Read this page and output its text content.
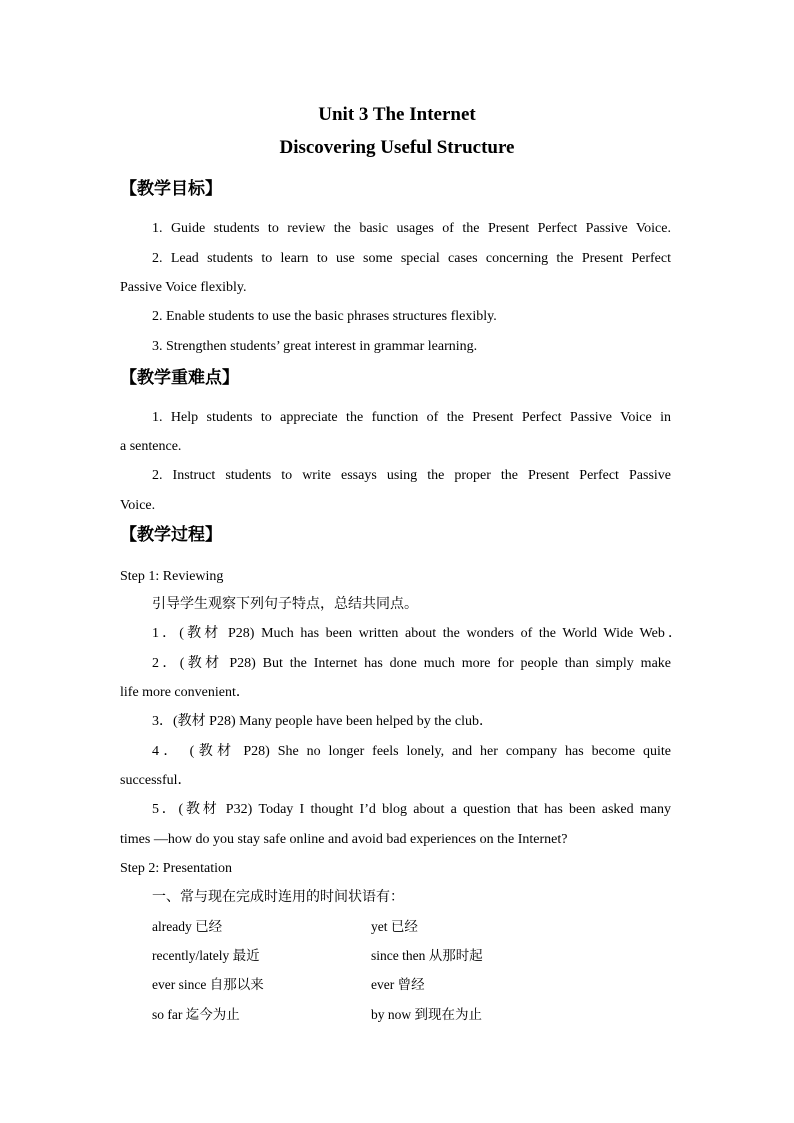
Unit 3 The Internet
Discovering Useful Structure
【教学目标】
1. Guide students to review the basic usages of the Present Perfect Passive Voice.
2. Lead students to learn to use some special cases concerning the Present Perfect
Passive Voice flexibly.
2. Enable students to use the basic phrases structures flexibly.
3. Strengthen students’ great interest in grammar learning.
【教学重难点】
1. Help students to appreciate the function of the Present Perfect Passive Voice in
a sentence.
2. Instruct students to write essays using the proper the Present Perfect Passive
Voice.
【教学过程】
Step 1: Reviewing
引导学生观察下列句子特点，总结共同点。
1．(教材 P28) Much has been written about the wonders of the World Wide Web．
2．(教材 P28) But the Internet has done much more for people than simply make
life more convenient．
3．(教材 P28) Many people have been helped by the club．
4． (教材 P28) She no longer feels lonely, and her company has become quite
successful．
5．(教材 P32) Today I thought I’d blog about a question that has been asked many
times —how do you stay safe online and avoid bad experiences on the Internet?
Step 2: Presentation
一、常与现在完成时连用的时间状语有：
already 已经	yet 已经
recently/lately 最近	since then 从那时起
ever since 自那以来	ever 曾经
so far 迄今为止	by now 到现在为止
